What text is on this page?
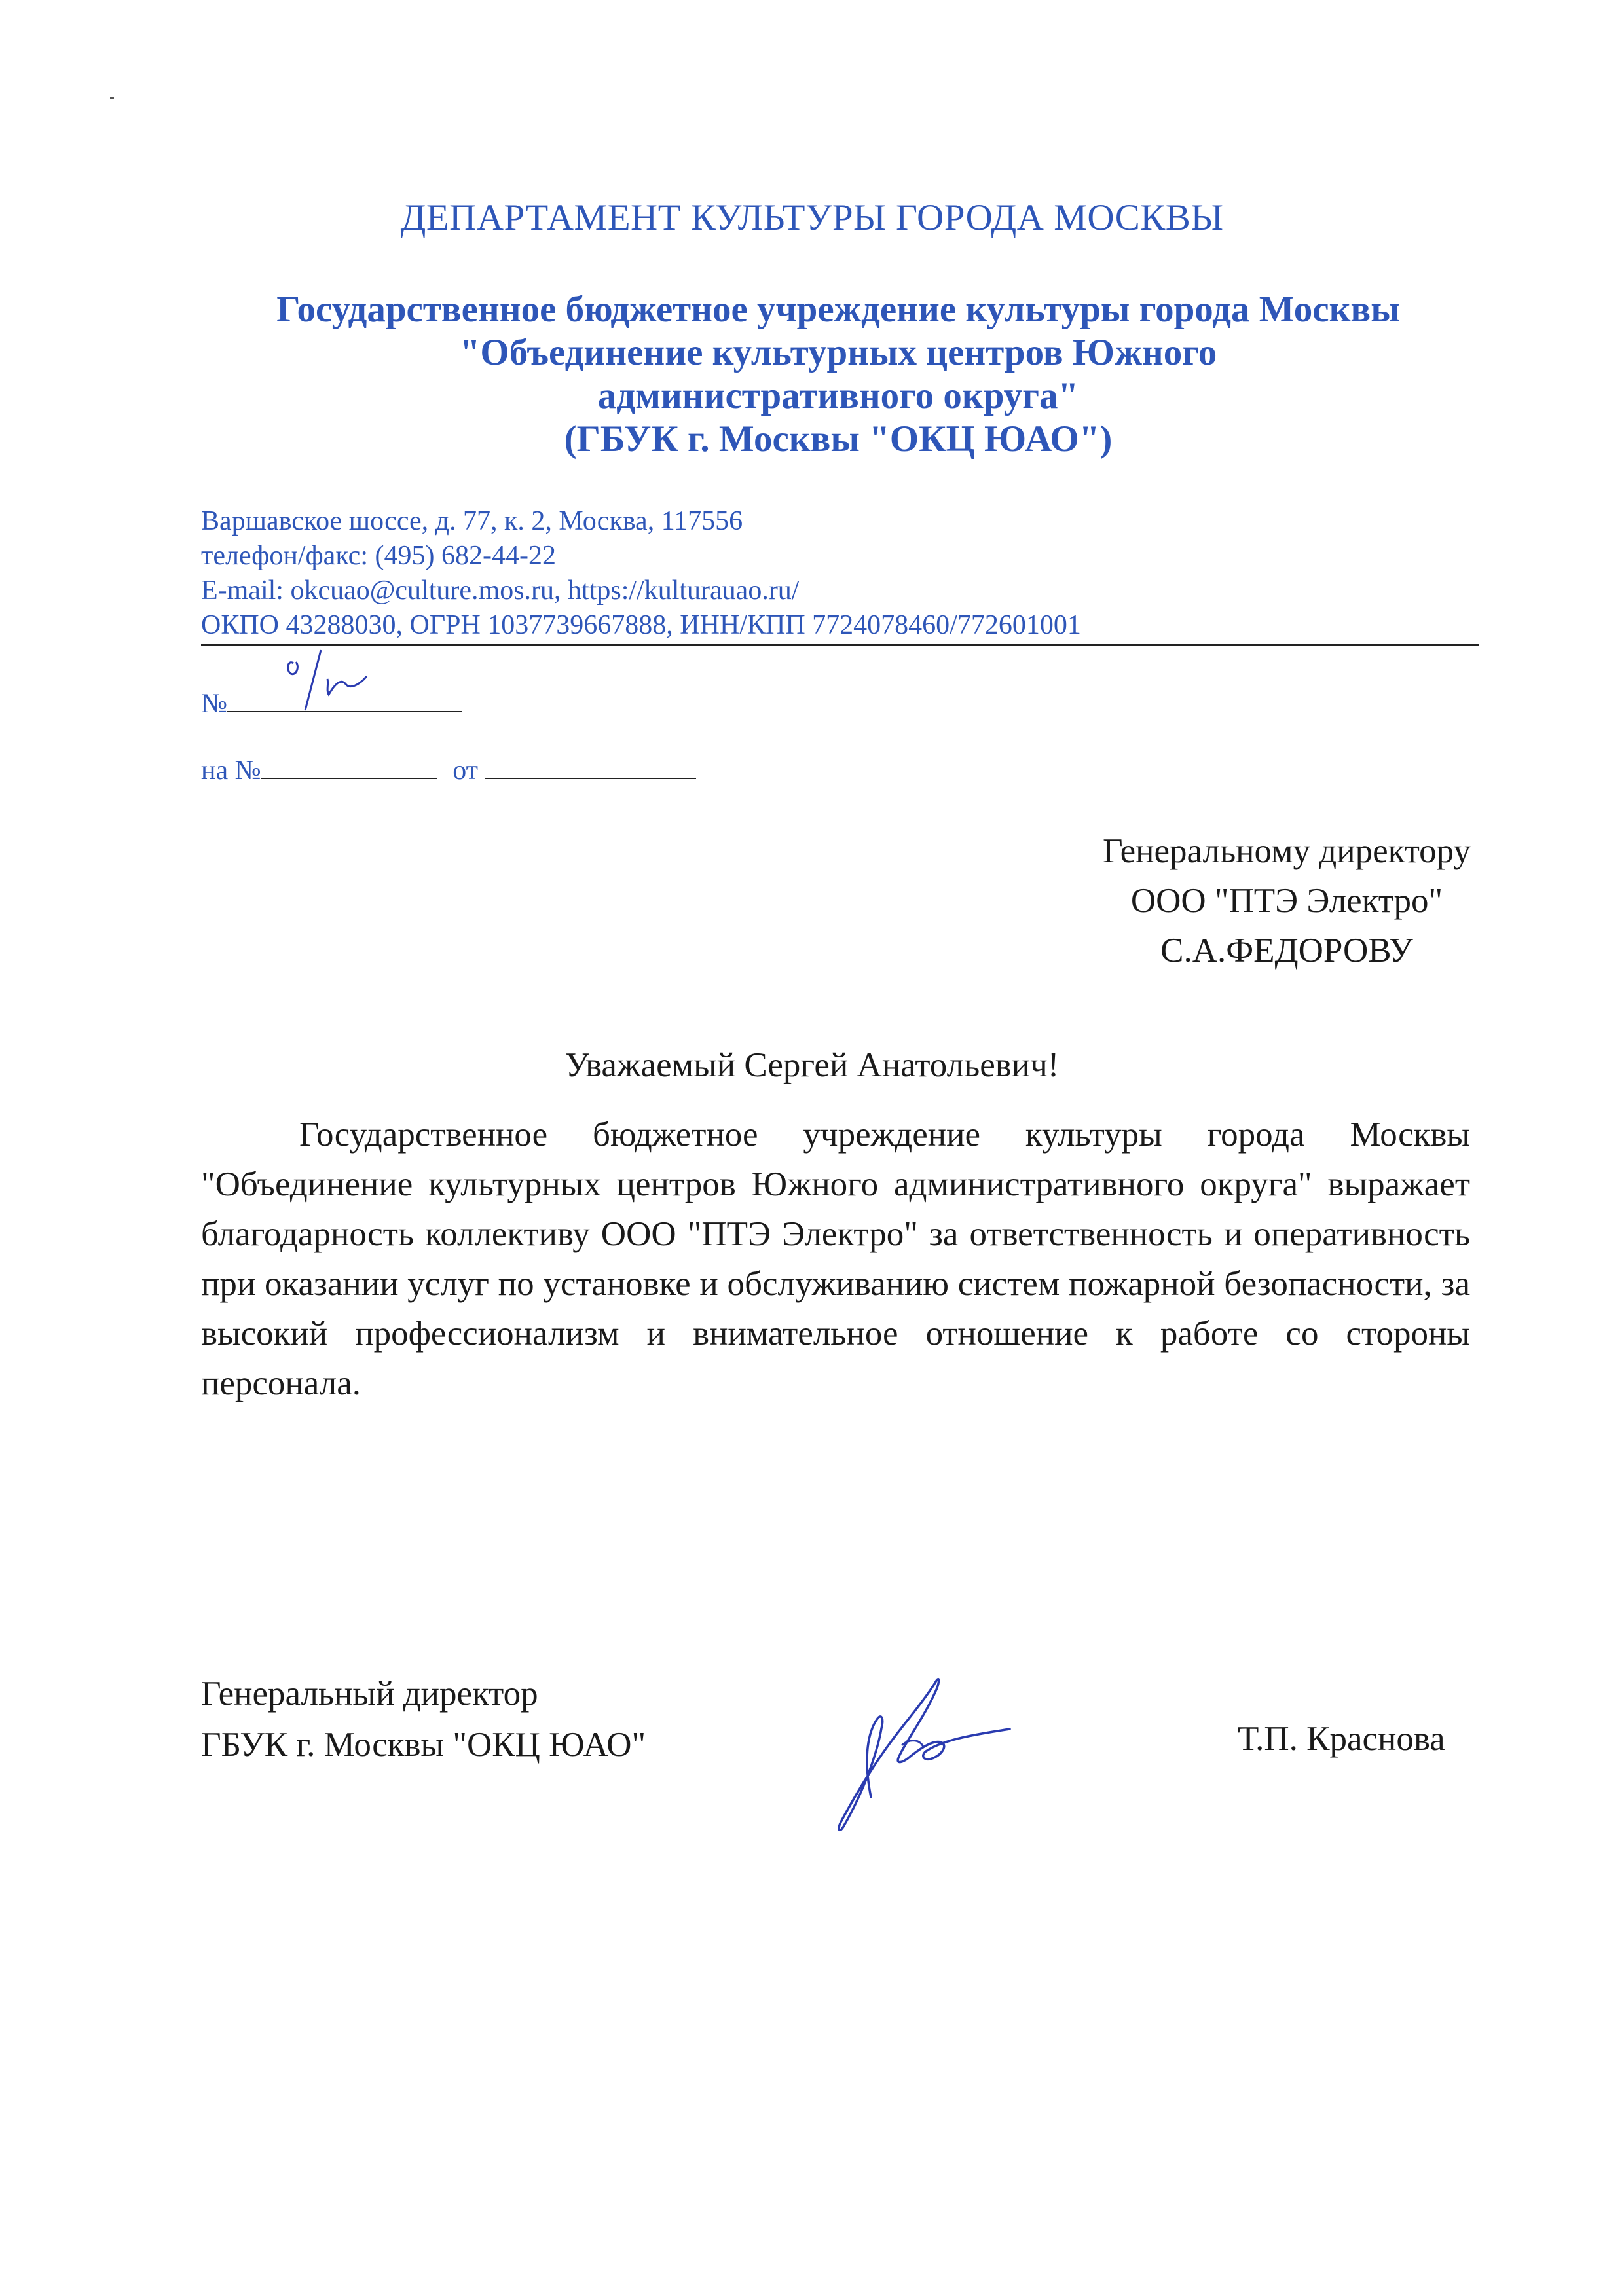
ДЕПАРТАМЕНТ КУЛЬТУРЫ ГОРОДА МОСКВЫ
Государственное бюджетное учреждение культуры города Москвы
"Объединение культурных центров Южного
административного округа"
(ГБУК г. Москвы "ОКЦ ЮАО")
Варшавское шоссе, д. 77, к. 2, Москва, 117556
телефон/факс: (495) 682-44-22
E-mail: okcuao@culture.mos.ru, https://kulturauao.ru/
ОКПО 43288030, ОГРН 1037739667888, ИНН/КПП 7724078460/772601001
№
на №	от
Генеральному директору
ООО "ПТЭ Электро"
С.А.ФЕДОРОВУ
Уважаемый Сергей Анатольевич!
Государственное бюджетное учреждение культуры города Москвы "Объединение культурных центров Южного административного округа" выражает благодарность коллективу ООО "ПТЭ Электро" за ответственность и оперативность при оказании услуг по установке и обслуживанию систем пожарной безопасности, за высокий профессионализм и внимательное отношение к работе со стороны персонала.
Генеральный директор
ГБУК г. Москвы "ОКЦ ЮАО"	Т.П. Краснова
